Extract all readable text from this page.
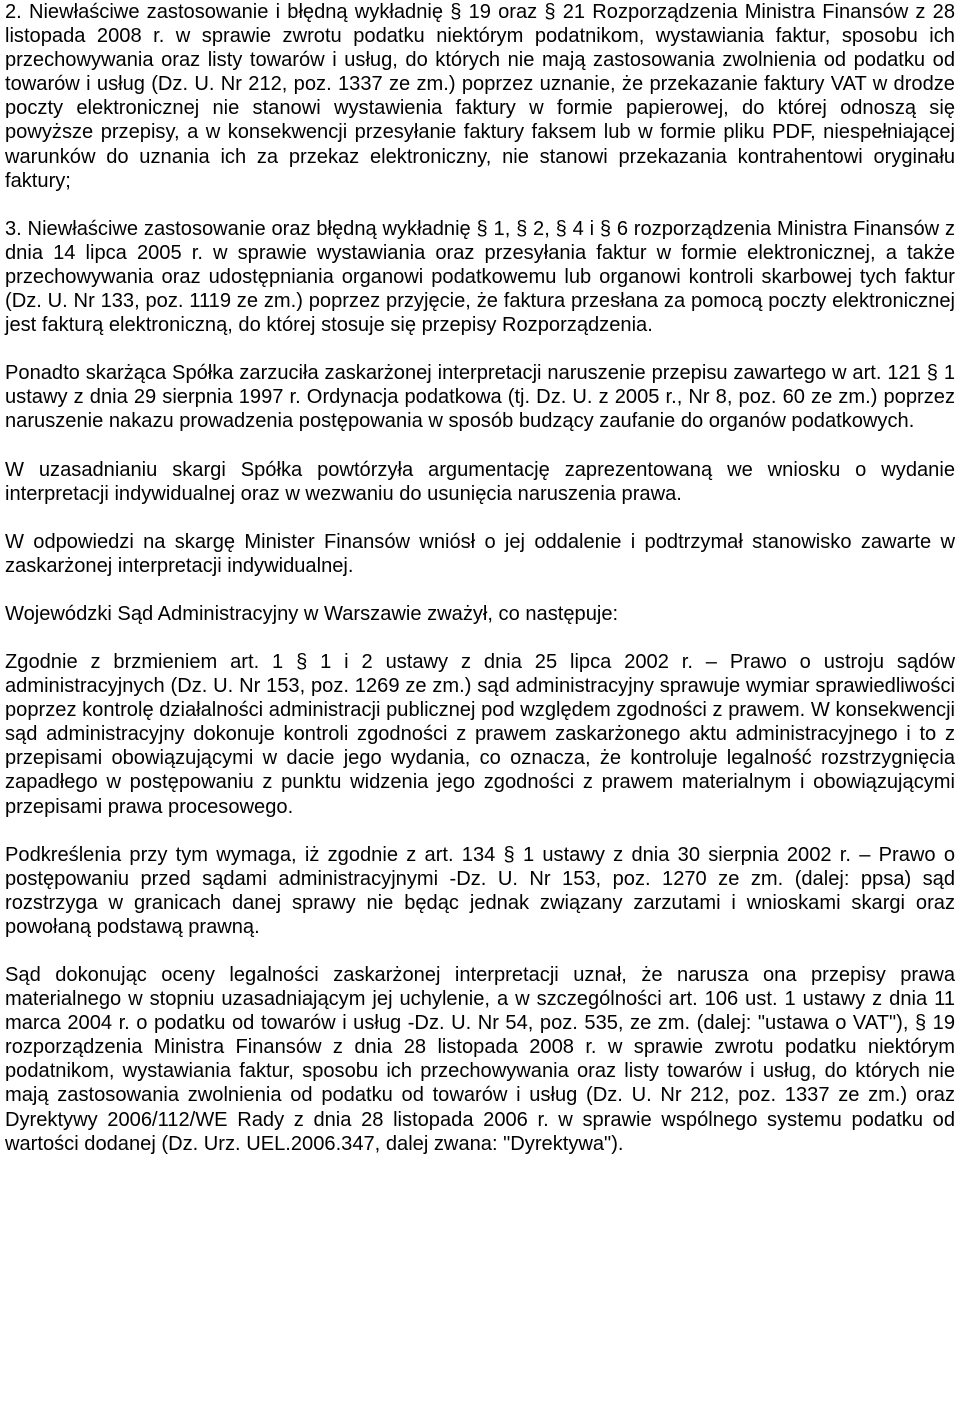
2. Niewłaściwe zastosowanie i błędną wykładnię § 19 oraz § 21 Rozporządzenia Ministra Finansów z 28 listopada 2008 r. w sprawie zwrotu podatku niektórym podatnikom, wystawiania faktur, sposobu ich przechowywania oraz listy towarów i usług, do których nie mają zastosowania zwolnienia od podatku od towarów i usług (Dz. U. Nr 212, poz. 1337 ze zm.) poprzez uznanie, że przekazanie faktury VAT w drodze poczty elektronicznej nie stanowi wystawienia faktury w formie papierowej, do której odnoszą się powyższe przepisy, a w konsekwencji przesyłanie faktury faksem lub w formie pliku PDF, niespełniającej warunków do uznania ich za przekaz elektroniczny, nie stanowi przekazania kontrahentowi oryginału faktury;

3. Niewłaściwe zastosowanie oraz błędną wykładnię § 1, § 2, § 4 i § 6 rozporządzenia Ministra Finansów z dnia 14 lipca 2005 r. w sprawie wystawiania oraz przesyłania faktur w formie elektronicznej, a także przechowywania oraz udostępniania organowi podatkowemu lub organowi kontroli skarbowej tych faktur (Dz. U. Nr 133, poz. 1119 ze zm.) poprzez przyjęcie, że faktura przesłana za pomocą poczty elektronicznej jest fakturą elektroniczną, do której stosuje się przepisy Rozporządzenia.

Ponadto skarżąca Spółka zarzuciła zaskarżonej interpretacji naruszenie przepisu zawartego w art. 121 § 1 ustawy z dnia 29 sierpnia 1997 r. Ordynacja podatkowa (tj. Dz. U. z 2005 r., Nr 8, poz. 60 ze zm.) poprzez naruszenie nakazu prowadzenia postępowania w sposób budzący zaufanie do organów podatkowych.

W uzasadnianiu skargi Spółka powtórzyła argumentację zaprezentowaną we wniosku o wydanie interpretacji indywidualnej oraz w wezwaniu do usunięcia naruszenia prawa.

W odpowiedzi na skargę Minister Finansów wniósł o jej oddalenie i podtrzymał stanowisko zawarte w zaskarżonej interpretacji indywidualnej.

Wojewódzki Sąd Administracyjny w Warszawie zważył, co następuje:

Zgodnie z brzmieniem art. 1 § 1 i 2 ustawy z dnia 25 lipca 2002 r. – Prawo o ustroju sądów administracyjnych (Dz. U. Nr 153, poz. 1269 ze zm.) sąd administracyjny sprawuje wymiar sprawiedliwości poprzez kontrolę działalności administracji publicznej pod względem zgodności z prawem. W konsekwencji sąd administracyjny dokonuje kontroli zgodności z prawem zaskarżonego aktu administracyjnego i to z przepisami obowiązującymi w dacie jego wydania, co oznacza, że kontroluje legalność rozstrzygnięcia zapadłego w postępowaniu z punktu widzenia jego zgodności z prawem materialnym i obowiązującymi przepisami prawa procesowego.

Podkreślenia przy tym wymaga, iż zgodnie z art. 134 § 1 ustawy z dnia 30 sierpnia 2002 r. – Prawo o postępowaniu przed sądami administracyjnymi -Dz. U. Nr 153, poz. 1270 ze zm. (dalej: ppsa) sąd rozstrzyga w granicach danej sprawy nie będąc jednak związany zarzutami i wnioskami skargi oraz powołaną podstawą prawną.

Sąd dokonując oceny legalności zaskarżonej interpretacji uznał, że narusza ona przepisy prawa materialnego w stopniu uzasadniającym jej uchylenie, a w szczególności art. 106 ust. 1 ustawy z dnia 11 marca 2004 r. o podatku od towarów i usług -Dz. U. Nr 54, poz. 535, ze zm. (dalej: "ustawa o VAT"), § 19 rozporządzenia Ministra Finansów z dnia 28 listopada 2008 r. w sprawie zwrotu podatku niektórym podatnikom, wystawiania faktur, sposobu ich przechowywania oraz listy towarów i usług, do których nie mają zastosowania zwolnienia od podatku od towarów i usług (Dz. U. Nr 212, poz. 1337 ze zm.) oraz Dyrektywy 2006/112/WE Rady z dnia 28 listopada 2006 r. w sprawie wspólnego systemu podatku od wartości dodanej (Dz. Urz. UEL.2006.347, dalej zwana: "Dyrektywa").
